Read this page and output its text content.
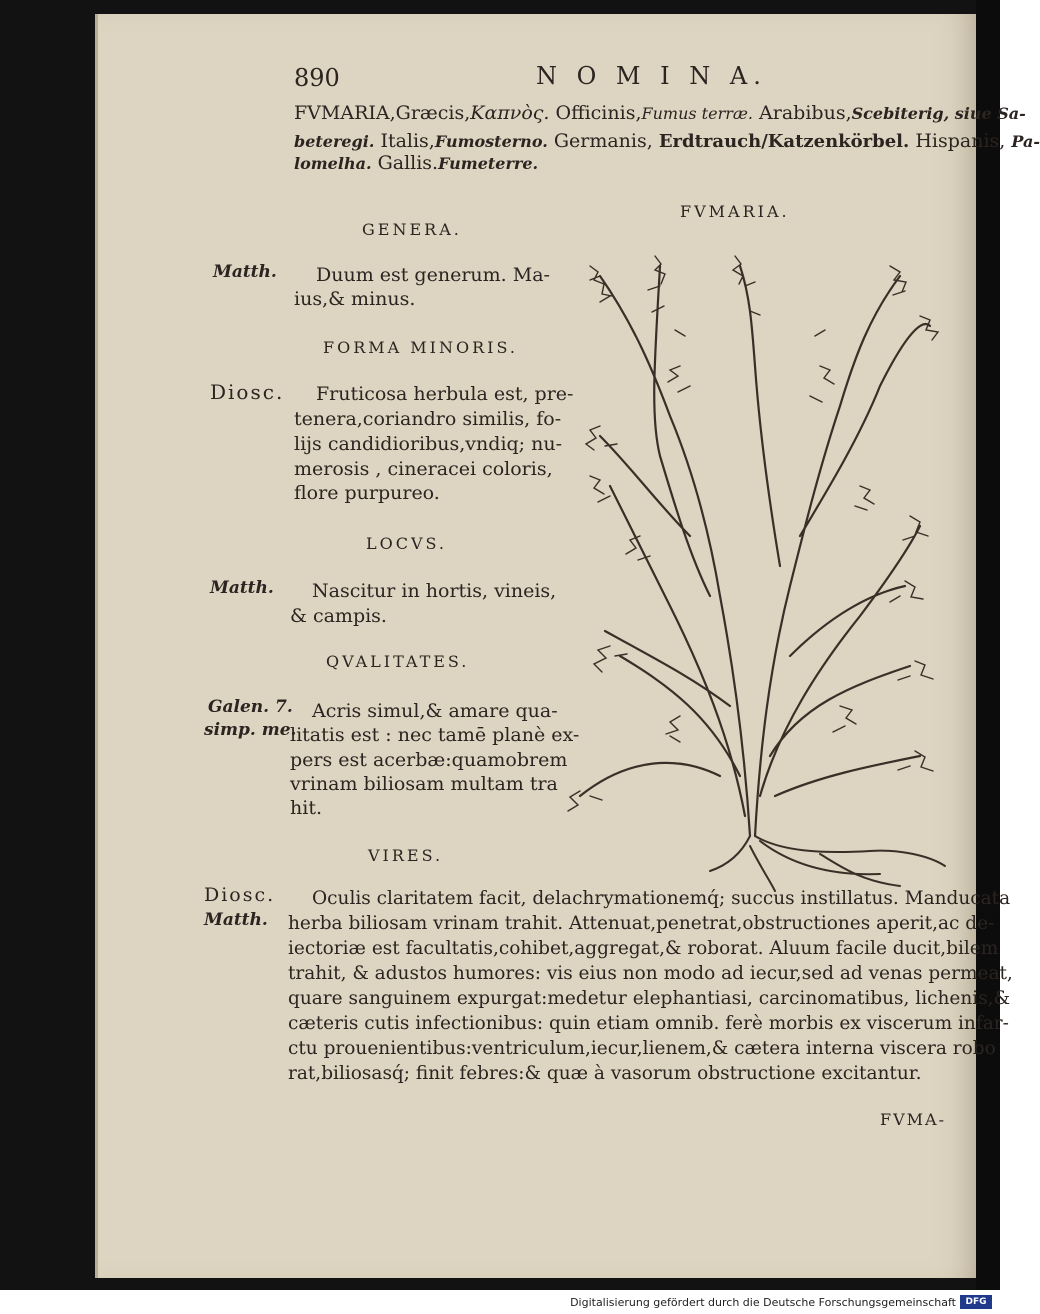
890	N O M I N A.
FVMARIA,Græcis,Καπνὸς. Officinis,Fumus terræ. Arabibus,Scebiterig, siue Sa-
beteregi. Italis,Fumosterno. Germanis, Erdtrauch/Katzenkörbel. Hispanis, Pa-
lomelha. Gallis.Fumeterre.
FVMARIA.
GENERA.
Matth. Duum est generum. Ma-
ius,& minus.
FORMA MINORIS.
Diosc. Fruticosa herbula est, pre-
tenera,coriandro similis, fo-
lijs candidioribus,vndiq; nu-
merosis , cineracei coloris,
flore purpureo.
LOCVS.
Matth. Nascitur in hortis, vineis,
& campis.
QVALITATES.
Galen. 7.
simp. me.
Acris simul,& amare qua-
litatis est : nec tamē planè ex-
pers est acerbæ:quamobrem
vrinam biliosam multam tra
hit.
VIRES.
Diosc.
Matth.
Oculis claritatem facit, delachrymationemq́; succus instillatus. Manducata
herba biliosam vrinam trahit. Attenuat,penetrat,obstructiones aperit,ac de-
iectoriæ est facultatis,cohibet,aggregat,& roborat. Aluum facile ducit,bilem
trahit, & adustos humores: vis eius non modo ad iecur,sed ad venas permeat,
quare sanguinem expurgat:medetur elephantiasi, carcinomatibus, lichenis,&
cæteris cutis infectionibus: quin etiam omnib. ferè morbis ex viscerum infar-
ctu prouenientibus:ventriculum,iecur,lienem,& cætera interna viscera robo
rat,biliosasq́; finit febres:& quæ à vasorum obstructione excitantur.
FVMA-
Digitalisierung gefördert durch die Deutsche Forschungsgemeinschaft	DFG
